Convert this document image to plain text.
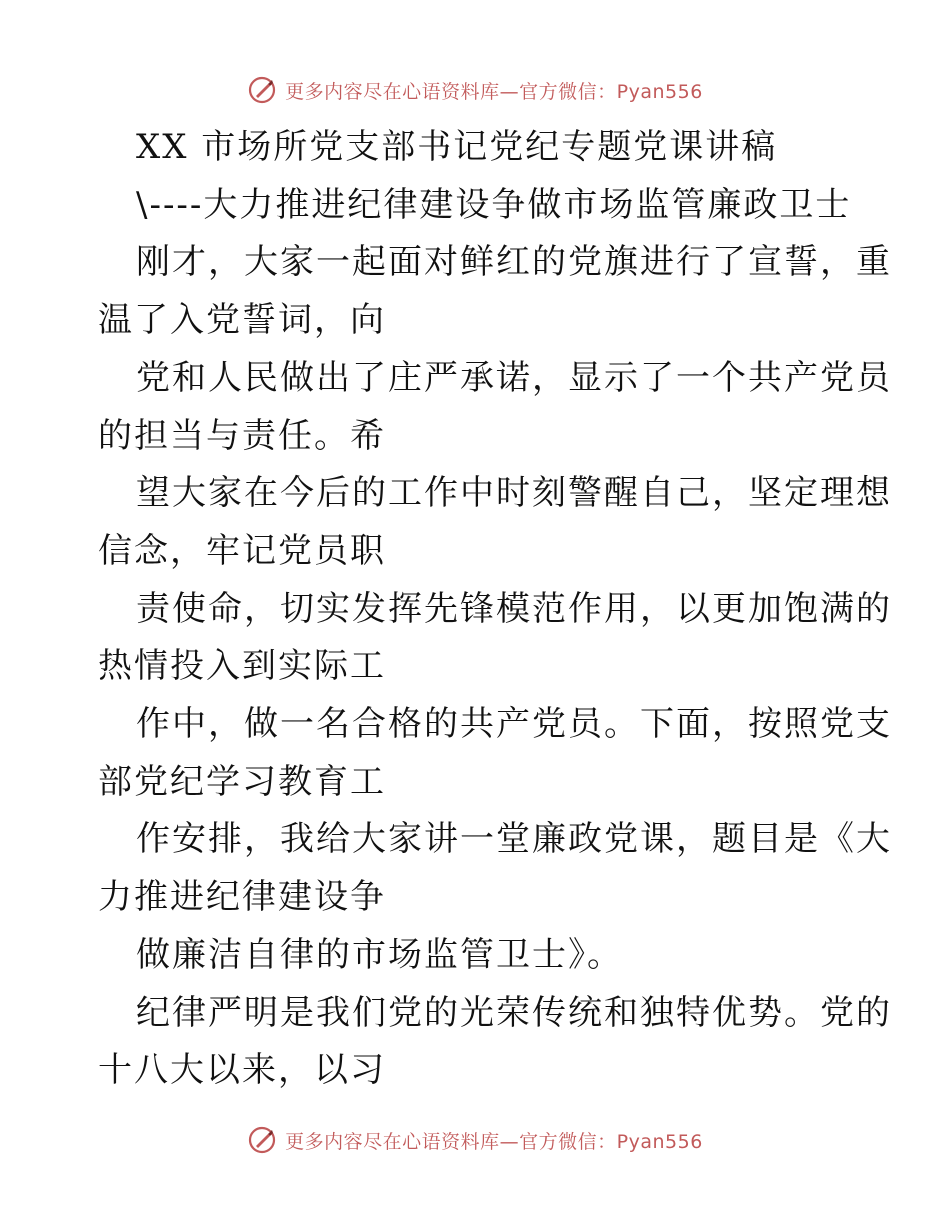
更多内容尽在心语资料库—官方微信：Pyan556
XX 市场所党支部书记党纪专题党课讲稿
\----大力推进纪律建设争做市场监管廉政卫士
刚才，大家一起面对鲜红的党旗进行了宣誓，重
温了入党誓词，向
党和人民做出了庄严承诺，显示了一个共产党员
的担当与责任。希
望大家在今后的工作中时刻警醒自己，坚定理想
信念，牢记党员职
责使命，切实发挥先锋模范作用，以更加饱满的
热情投入到实际工
作中，做一名合格的共产党员。下面，按照党支
部党纪学习教育工
作安排，我给大家讲一堂廉政党课，题目是《大
力推进纪律建设争
做廉洁自律的市场监管卫士》。
纪律严明是我们党的光荣传统和独特优势。党的
十八大以来，以习
更多内容尽在心语资料库—官方微信：Pyan556
